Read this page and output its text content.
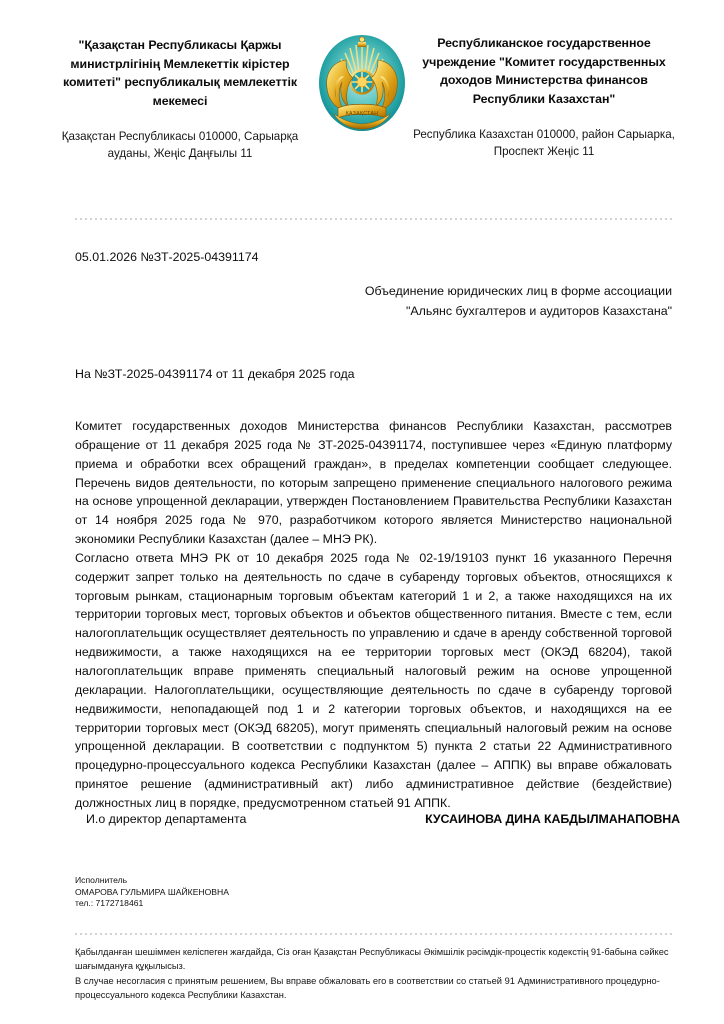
"Қазақстан Республикасы Қаржы министрлігінің Мемлекеттік кірістер комитеті" республикалық мемлекеттік мекемесі

Қазақстан Республикасы 010000, Сарыарқа ауданы, Жеңіс Даңғылы 11

ҚАЗАҚСТАН

Республиканское государственное учреждение "Комитет государственных доходов Министерства финансов Республики Казахстан"

Республика Казахстан 010000, район Сарыарка, Проспект Жеңіс 11

05.01.2026 №ЗТ-2025-04391174

Объединение юридических лиц в форме ассоциации "Альянс бухгалтеров и аудиторов Казахстана"

На №ЗТ-2025-04391174 от 11 декабря 2025 года

Комитет государственных доходов Министерства финансов Республики Казахстан, рассмотрев обращение от 11 декабря 2025 года № ЗТ-2025-04391174, поступившее через «Единую платформу приема и обработки всех обращений граждан», в пределах компетенции сообщает следующее. Перечень видов деятельности, по которым запрещено применение специального налогового режима на основе упрощенной декларации, утвержден Постановлением Правительства Республики Казахстан от 14 ноября 2025 года № 970, разработчиком которого является Министерство национальной экономики Республики Казахстан (далее – МНЭ РК).

Согласно ответа МНЭ РК от 10 декабря 2025 года № 02-19/19103 пункт 16 указанного Перечня содержит запрет только на деятельность по сдаче в субаренду торговых объектов, относящихся к торговым рынкам, стационарным торговым объектам категорий 1 и 2, а также находящихся на их территории торговых мест, торговых объектов и объектов общественного питания. Вместе с тем, если налогоплательщик осуществляет деятельность по управлению и сдаче в аренду собственной торговой недвижимости, а также находящихся на ее территории торговых мест (ОКЭД 68204), такой налогоплательщик вправе применять специальный налоговый режим на основе упрощенной декларации. Налогоплательщики, осуществляющие деятельность по сдаче в субаренду торговой недвижимости, непопадающей под 1 и 2 категории торговых объектов, и находящихся на ее территории торговых мест (ОКЭД 68205), могут применять специальный налоговый режим на основе упрощенной декларации. В соответствии с подпунктом 5) пункта 2 статьи 22 Административного процедурно-процессуального кодекса Республики Казахстан (далее – АППК) вы вправе обжаловать принятое решение (административный акт) либо административное действие (бездействие) должностных лиц в порядке, предусмотренном статьей 91 АППК.

И.о директор департамента	КУСАИНОВА ДИНА КАБДЫЛМАНАПОВНА
Исполнитель
ОМАРОВА ГУЛЬМИРА ШАЙКЕНОВНА
тел.: 7172718461

Қабылданған шешіммен келіспеген жағдайда, Сіз оған Қазақстан Республикасы Әкімшілік рәсімдік-процестік кодекстің 91-бабына сәйкес шағымдануға құқылысыз.

В случае несогласия с принятым решением, Вы вправе обжаловать его в соответствии со статьей 91 Административного процедурно-процессуального кодекса Республики Казахстан.
